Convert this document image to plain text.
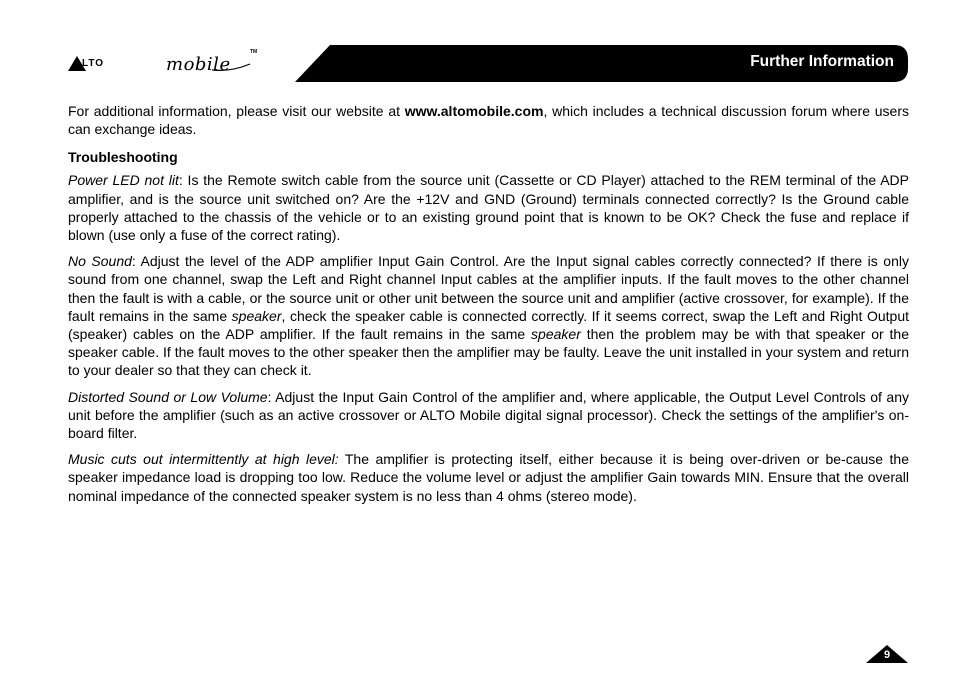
Further Information
LTO	mobile
TM

For additional information, please visit our website at www.altomobile.com, which includes a technical discussion forum where users can exchange ideas.

Troubleshooting

Power LED not lit: Is the Remote switch cable from the source unit (Cassette or CD Player) attached to the REM terminal of the ADP amplifier, and is the source unit switched on? Are the +12V and GND (Ground) terminals connected correctly? Is the Ground cable properly attached to the chassis of the vehicle or to an existing ground point that is known to be OK? Check the fuse and replace if blown (use only a fuse of the correct rating).

No Sound: Adjust the level of the ADP amplifier Input Gain Control. Are the Input signal cables correctly connected? If there is only sound from one channel, swap the Left and Right channel Input cables at the amplifier inputs. If the fault moves to the other channel then the fault is with a cable, or the source unit or other unit between the source unit and amplifier (active crossover, for example). If the fault remains in the same speaker, check the speaker cable is connected correctly. If it seems correct, swap the Left and Right Output (speaker) cables on the ADP amplifier. If the fault remains in the same speaker then the problem may be with that speaker or the speaker cable. If the fault moves to the other speaker then the amplifier may be faulty. Leave the unit installed in your system and return to your dealer so that they can check it.

Distorted Sound or Low Volume: Adjust the Input Gain Control of the amplifier and, where applicable, the Output Level Controls of any unit before the amplifier (such as an active crossover or ALTO Mobile digital signal processor). Check the settings of the amplifier's on-board filter.

Music cuts out intermittently at high level: The amplifier is protecting itself, either because it is being over-driven or be-cause the speaker impedance load is dropping too low. Reduce the volume level or adjust the amplifier Gain towards MIN. Ensure that the overall nominal impedance of the connected speaker system is no less than 4 ohms (stereo mode).

9
